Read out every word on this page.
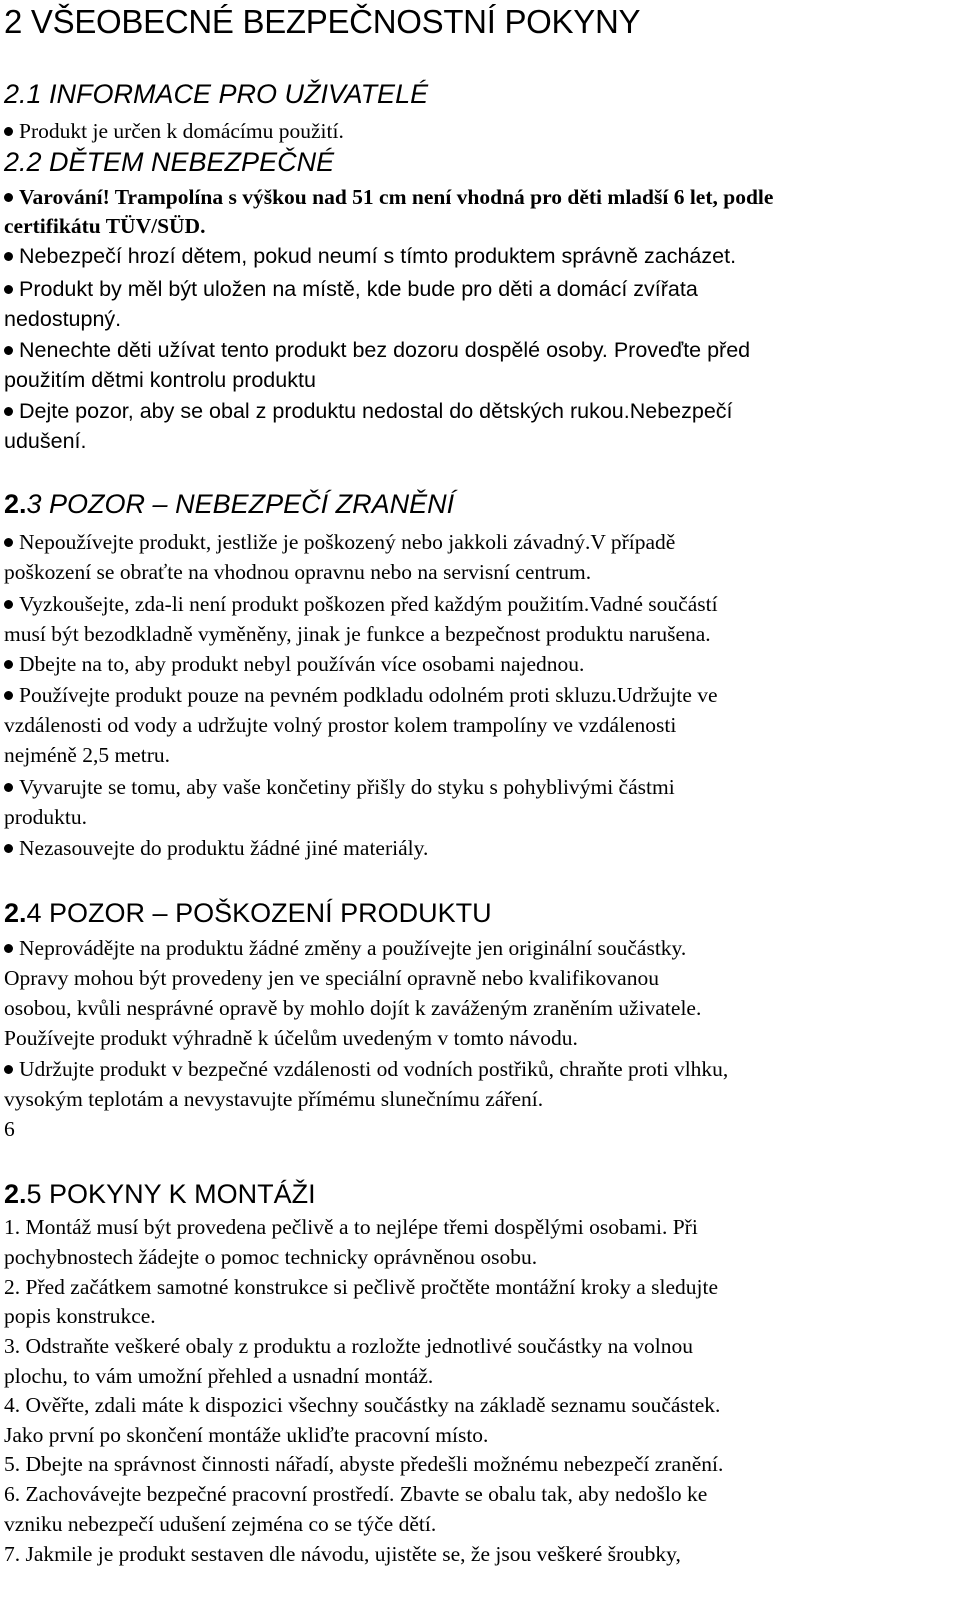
2 VŠEOBECNÉ BEZPEČNOSTNÍ POKYNY
2.1 INFORMACE PRO UŽIVATELÉ
Produkt je určen k domácímu použití.
2.2 DĚTEM NEBEZPEČNÉ
Varování! Trampolína s výškou nad 51 cm není vhodná pro děti mladší 6 let, podle
certifikátu TÜV/SÜD.
Nebezpečí hrozí dětem, pokud neumí s tímto produktem správně zacházet.
Produkt by měl být uložen na místě, kde bude pro děti a domácí zvířata
nedostupný.
Nenechte děti užívat tento produkt bez dozoru dospělé osoby. Proveďte před
použitím dětmi kontrolu produktu
Dejte pozor, aby se obal z produktu nedostal do dětských rukou.Nebezpečí
udušení.
2.3 POZOR – NEBEZPEČÍ ZRANĚNÍ
Nepoužívejte produkt, jestliže je poškozený nebo jakkoli závadný.V případě
poškození se obraťte na vhodnou opravnu nebo na servisní centrum.
Vyzkoušejte, zda-li není produkt poškozen před každým použitím.Vadné součástí
musí být bezodkladně vyměněny, jinak je funkce a bezpečnost produktu narušena.
Dbejte na to, aby produkt nebyl používán více osobami najednou.
Používejte produkt pouze na pevném podkladu odolném proti skluzu.Udržujte ve
vzdálenosti od vody a udržujte volný prostor kolem trampolíny ve vzdálenosti
nejméně 2,5 metru.
Vyvarujte se tomu, aby vaše končetiny přišly do styku s pohyblivými částmi
produktu.
Nezasouvejte do produktu žádné jiné materiály.
2.4 POZOR – POŠKOZENÍ PRODUKTU
Neprovádějte na produktu žádné změny a používejte jen originální součástky.
Opravy mohou být provedeny jen ve speciální opravně nebo kvalifikovanou
osobou, kvůli nesprávné opravě by mohlo dojít k zaváženým zraněním uživatele.
Používejte produkt výhradně k účelům uvedeným v tomto návodu.
Udržujte produkt v bezpečné vzdálenosti od vodních postřiků, chraňte proti vlhku,
vysokým teplotám a nevystavujte přímému slunečnímu záření.
6
2.5 POKYNY K MONTÁŽI
1. Montáž musí být provedena pečlivě a to nejlépe třemi dospělými osobami. Při
pochybnostech žádejte o pomoc technicky oprávněnou osobu.
2. Před začátkem samotné konstrukce si pečlivě pročtěte montážní kroky a sledujte
popis konstrukce.
3. Odstraňte veškeré obaly z produktu a rozložte jednotlivé součástky na volnou
plochu, to vám umožní přehled a usnadní montáž.
4. Ověřte, zdali máte k dispozici všechny součástky na základě seznamu součástek.
Jako první po skončení montáže ukliďte pracovní místo.
5. Dbejte na správnost činnosti nářadí, abyste předešli možnému nebezpečí zranění.
6. Zachovávejte bezpečné pracovní prostředí. Zbavte se obalu tak, aby nedošlo ke
vzniku nebezpečí udušení zejména co se týče dětí.
7. Jakmile je produkt sestaven dle návodu, ujistěte se, že jsou veškeré šroubky,
